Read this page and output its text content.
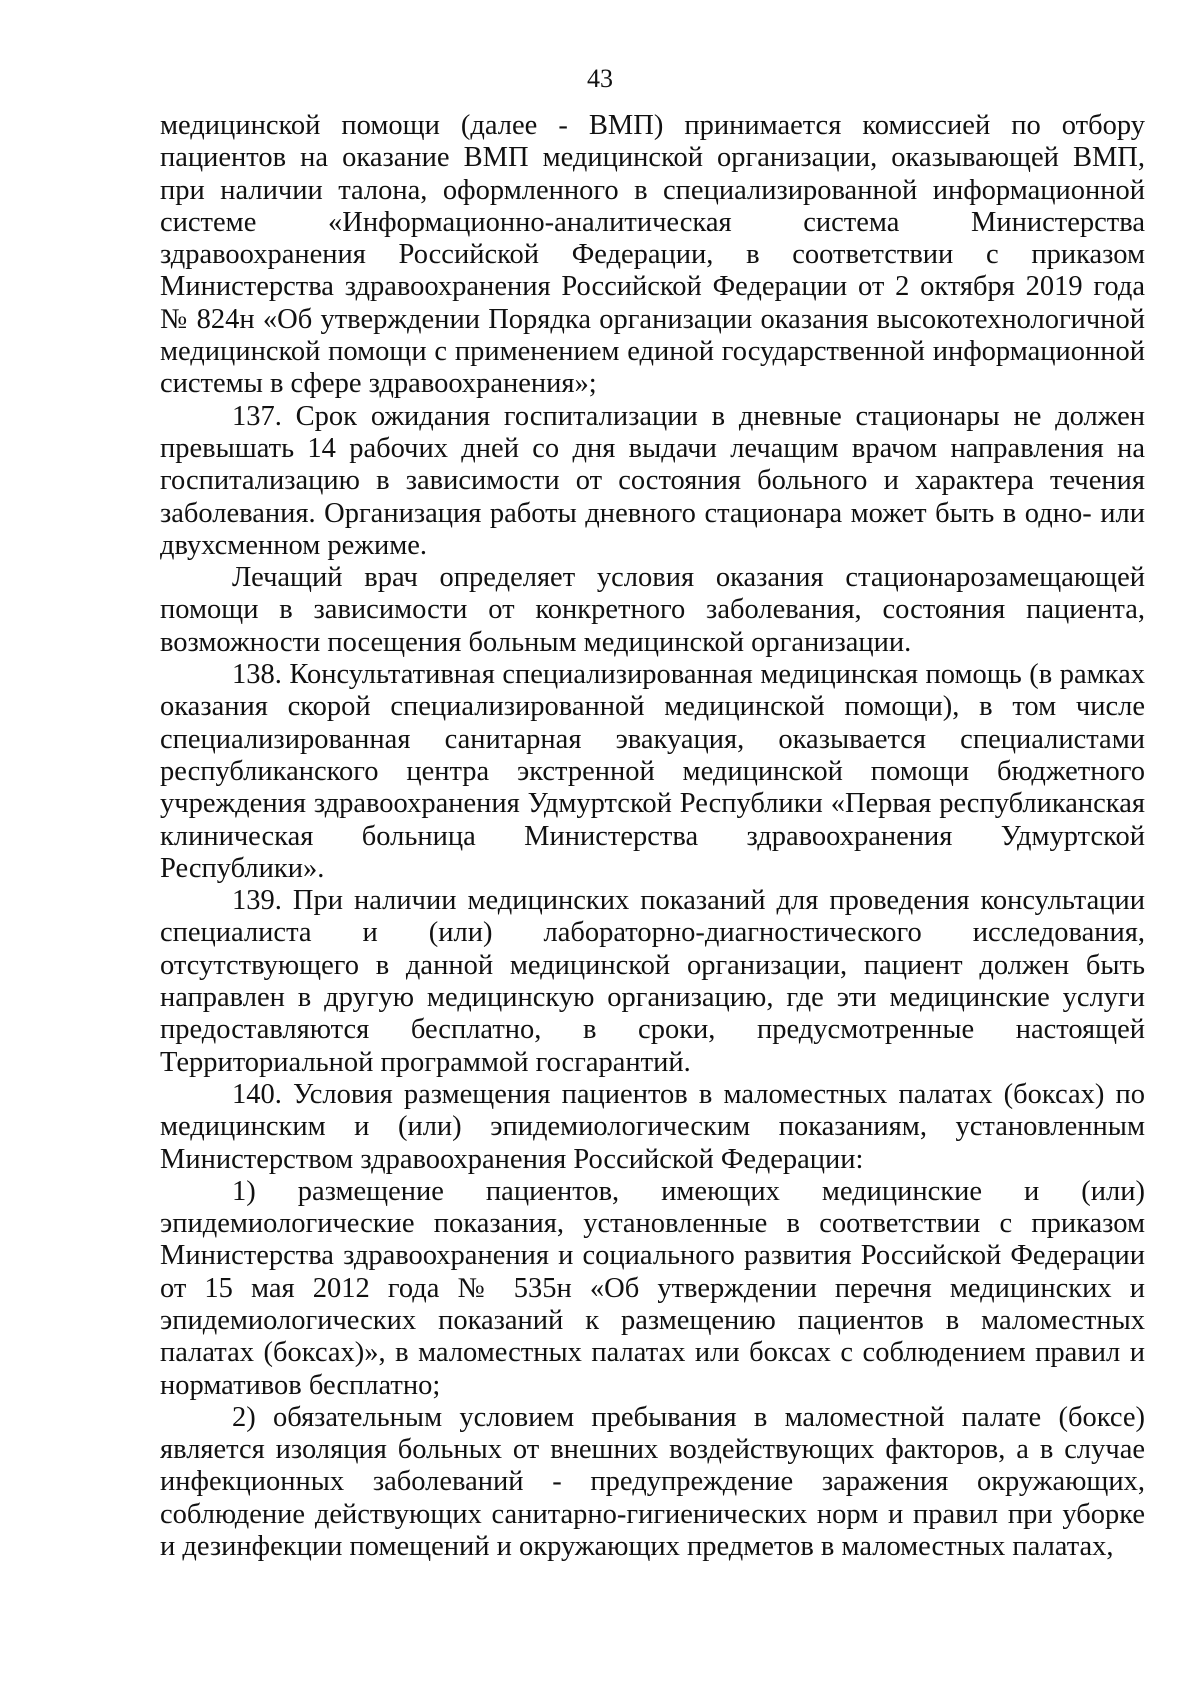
43

медицинской помощи (далее - ВМП) принимается комиссией по отбору пациентов на оказание ВМП медицинской организации, оказывающей ВМП, при наличии талона, оформленного в специализированной информационной системе «Информационно-аналитическая система Министерства здравоохранения Российской Федерации, в соответствии с приказом Министерства здравоохранения Российской Федерации от 2 октября 2019 года № 824н «Об утверждении Порядка организации оказания высокотехнологичной медицинской помощи с применением единой государственной информационной системы в сфере здравоохранения»;

137. Срок ожидания госпитализации в дневные стационары не должен превышать 14 рабочих дней со дня выдачи лечащим врачом направления на госпитализацию в зависимости от состояния больного и характера течения заболевания. Организация работы дневного стационара может быть в одно- или двухсменном режиме.

Лечащий врач определяет условия оказания стационарозамещающей помощи в зависимости от конкретного заболевания, состояния пациента, возможности посещения больным медицинской организации.

138. Консультативная специализированная медицинская помощь (в рамках оказания скорой специализированной медицинской помощи), в том числе специализированная санитарная эвакуация, оказывается специалистами республиканского центра экстренной медицинской помощи бюджетного учреждения здравоохранения Удмуртской Республики «Первая республиканская клиническая больница Министерства здравоохранения Удмуртской Республики».

139. При наличии медицинских показаний для проведения консультации специалиста и (или) лабораторно-диагностического исследования, отсутствующего в данной медицинской организации, пациент должен быть направлен в другую медицинскую организацию, где эти медицинские услуги предоставляются бесплатно, в сроки, предусмотренные настоящей Территориальной программой госгарантий.

140. Условия размещения пациентов в маломестных палатах (боксах) по медицинским и (или) эпидемиологическим показаниям, установленным Министерством здравоохранения Российской Федерации:

1) размещение пациентов, имеющих медицинские и (или) эпидемиологические показания, установленные в соответствии с приказом Министерства здравоохранения и социального развития Российской Федерации от 15 мая 2012 года № 535н «Об утверждении перечня медицинских и эпидемиологических показаний к размещению пациентов в маломестных палатах (боксах)», в маломестных палатах или боксах с соблюдением правил и нормативов бесплатно;

2) обязательным условием пребывания в маломестной палате (боксе) является изоляция больных от внешних воздействующих факторов, а в случае инфекционных заболеваний - предупреждение заражения окружающих, соблюдение действующих санитарно-гигиенических норм и правил при уборке и дезинфекции помещений и окружающих предметов в маломестных палатах,
